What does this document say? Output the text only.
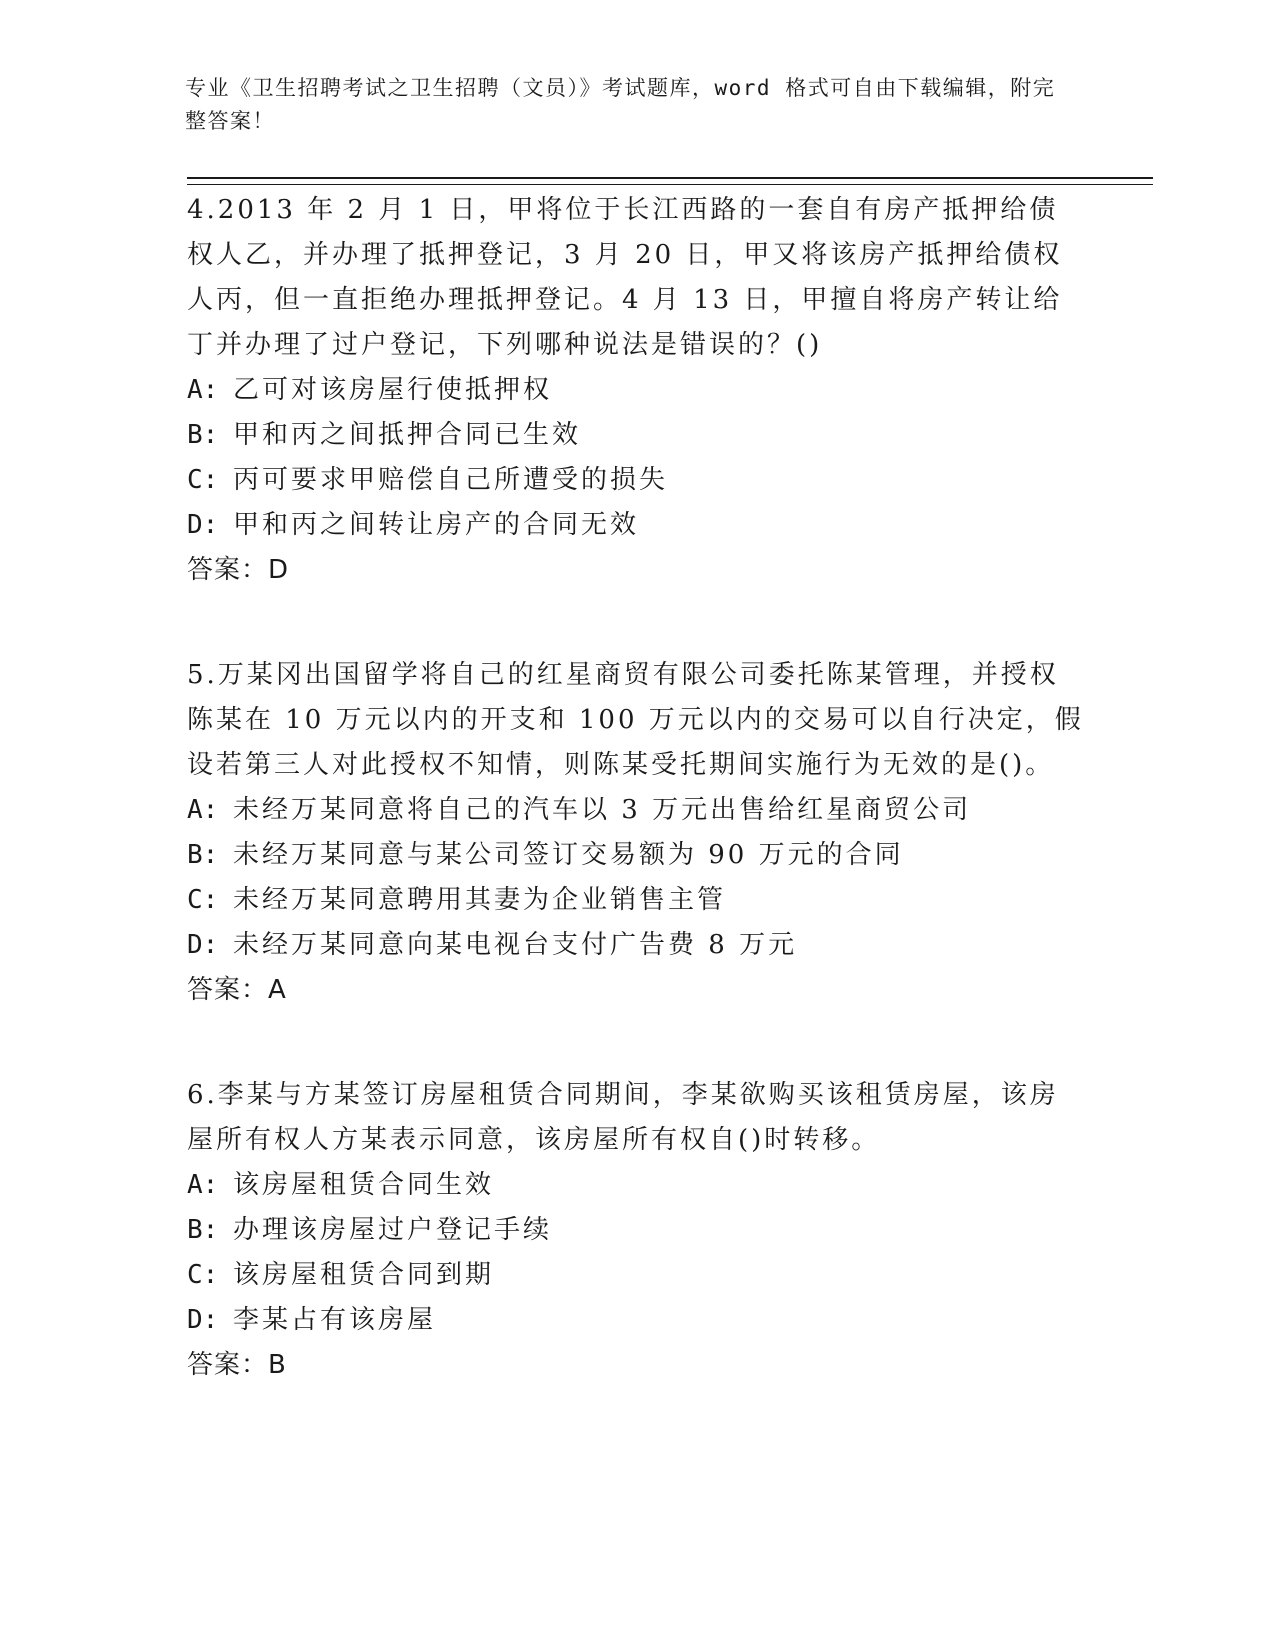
专业《卫生招聘考试之卫生招聘（文员）》考试题库，word 格式可自由下载编辑，附完整答案！

4.2013 年 2 月 1 日，甲将位于长江西路的一套自有房产抵押给债权人乙，并办理了抵押登记，3 月 20 日，甲又将该房产抵押给债权人丙，但一直拒绝办理抵押登记。4 月 13 日，甲擅自将房产转让给丁并办理了过户登记，下列哪种说法是错误的？()

A: 乙可对该房屋行使抵押权
B: 甲和丙之间抵押合同已生效
C: 丙可要求甲赔偿自己所遭受的损失
D: 甲和丙之间转让房产的合同无效

答案：D

5.万某冈出国留学将自己的红星商贸有限公司委托陈某管理，并授权陈某在 10 万元以内的开支和 100 万元以内的交易可以自行决定，假设若第三人对此授权不知情，则陈某受托期间实施行为无效的是()。

A: 未经万某同意将自己的汽车以 3 万元出售给红星商贸公司
B: 未经万某同意与某公司签订交易额为 90 万元的合同
C: 未经万某同意聘用其妻为企业销售主管
D: 未经万某同意向某电视台支付广告费 8 万元

答案：A

6.李某与方某签订房屋租赁合同期间，李某欲购买该租赁房屋，该房屋所有权人方某表示同意，该房屋所有权自()时转移。

A: 该房屋租赁合同生效
B: 办理该房屋过户登记手续
C: 该房屋租赁合同到期
D: 李某占有该房屋

答案：B
